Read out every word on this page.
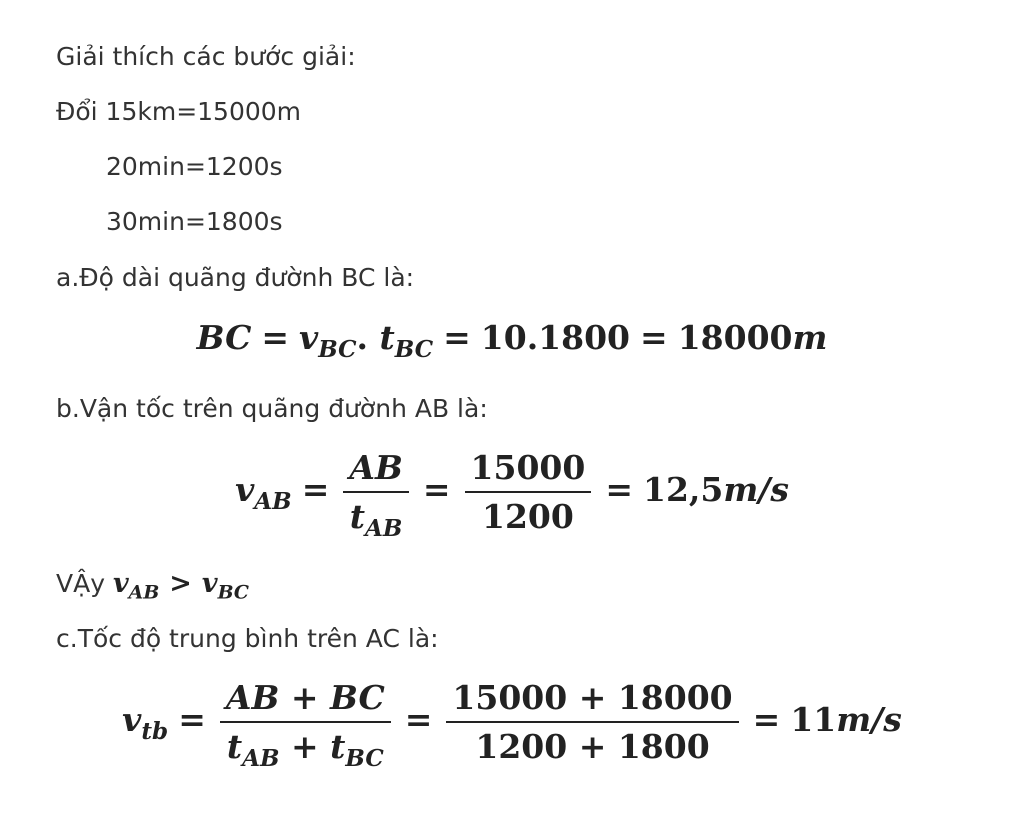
Giải thích các bước giải:
Đổi 15km=15000m
20min=1200s
30min=1800s
a.Độ dài quãng đườnh BC là:
BC = $v_{BC}$. $t_{BC} = 10.1800 = 18000m$
b.Vận tốc trên quãng đườnh AB là:
$v_{AB} = \frac{AB}{t_{AB}} = \frac{15000}{1200} = 12,5m/s$
VẬy $v_{AB} > v_{BC}$
c.Tốc độ trung bình trên AC là:
$v_{tb} = \frac{AB + BC}{t_{AB} + t_{BC}} = \frac{15000 + 18000}{1200 + 1800} = 11m/s$
